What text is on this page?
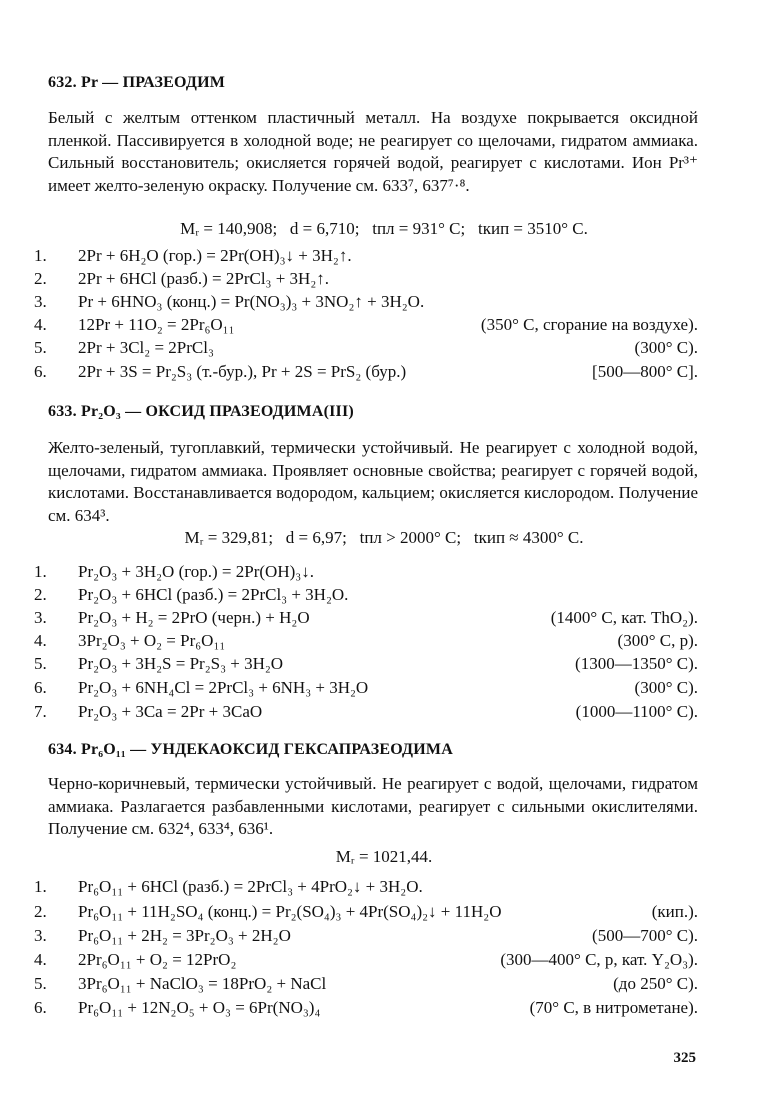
632. Pr — ПРАЗЕОДИМ

Белый с желтым оттенком пластичный металл. На воздухе покрывается оксидной пленкой. Пассивируется в холодной воде; не реагирует со щелочами, гидратом аммиака. Сильный восстановитель; окисляется горячей водой, реагирует с кислотами. Ион Pr³⁺ имеет желто-зеленую окраску. Получение см. 633⁷, 637⁷·⁸.

Mᵣ = 140,908;   d = 6,710;   tпл = 931° C;   tкип = 3510° C.
1.	2Pr + 6H₂O (гор.) = 2Pr(OH)₃↓ + 3H₂↑.
2.	2Pr + 6HCl (разб.) = 2PrCl₃ + 3H₂↑.
3.	Pr + 6HNO₃ (конц.) = Pr(NO₃)₃ + 3NO₂↑ + 3H₂O.
4.	12Pr + 11O₂ = 2Pr₆O₁₁	(350° C, сгорание на воздухе).
5.	2Pr + 3Cl₂ = 2PrCl₃	(300° C).
6.	2Pr + 3S = Pr₂S₃ (т.-бур.), Pr + 2S = PrS₂ (бур.)	[500—800° C].
633. Pr₂O₃ — ОКСИД ПРАЗЕОДИМА(III)

Желто-зеленый, тугоплавкий, термически устойчивый. Не реагирует с холодной водой, щелочами, гидратом аммиака. Проявляет основные свойства; реагирует с горячей водой, кислотами. Восстанавливается водородом, кальцием; окисляется кислородом. Получение см. 634³.

Mᵣ = 329,81;   d = 6,97;   tпл > 2000° C;   tкип ≈ 4300° C.
1.	Pr₂O₃ + 3H₂O (гор.) = 2Pr(OH)₃↓.
2.	Pr₂O₃ + 6HCl (разб.) = 2PrCl₃ + 3H₂O.
3.	Pr₂O₃ + H₂ = 2PrO (черн.) + H₂O	(1400° C, кат. ThO₂).
4.	3Pr₂O₃ + O₂ = Pr₆O₁₁	(300° C, p).
5.	Pr₂O₃ + 3H₂S = Pr₂S₃ + 3H₂O	(1300—1350° C).
6.	Pr₂O₃ + 6NH₄Cl = 2PrCl₃ + 6NH₃ + 3H₂O	(300° C).
7.	Pr₂O₃ + 3Ca = 2Pr + 3CaO	(1000—1100° C).
634. Pr₆O₁₁ — УНДЕКАОКСИД ГЕКСАПРАЗЕОДИМА

Черно-коричневый, термически устойчивый. Не реагирует с водой, щелочами, гидратом аммиака. Разлагается разбавленными кислотами, реагирует с сильными окислителями. Получение см. 632⁴, 633⁴, 636¹.

Mᵣ = 1021,44.
1.	Pr₆O₁₁ + 6HCl (разб.) = 2PrCl₃ + 4PrO₂↓ + 3H₂O.
2.	Pr₆O₁₁ + 11H₂SO₄ (конц.) = Pr₂(SO₄)₃ + 4Pr(SO₄)₂↓ + 11H₂O	(кип.).
3.	Pr₆O₁₁ + 2H₂ = 3Pr₂O₃ + 2H₂O	(500—700° C).
4.	2Pr₆O₁₁ + O₂ = 12PrO₂	(300—400° C, p, кат. Y₂O₃).
5.	3Pr₆O₁₁ + NaClO₃ = 18PrO₂ + NaCl	(до 250° C).
6.	Pr₆O₁₁ + 12N₂O₅ + O₃ = 6Pr(NO₃)₄	(70° C, в нитрометане).
325
